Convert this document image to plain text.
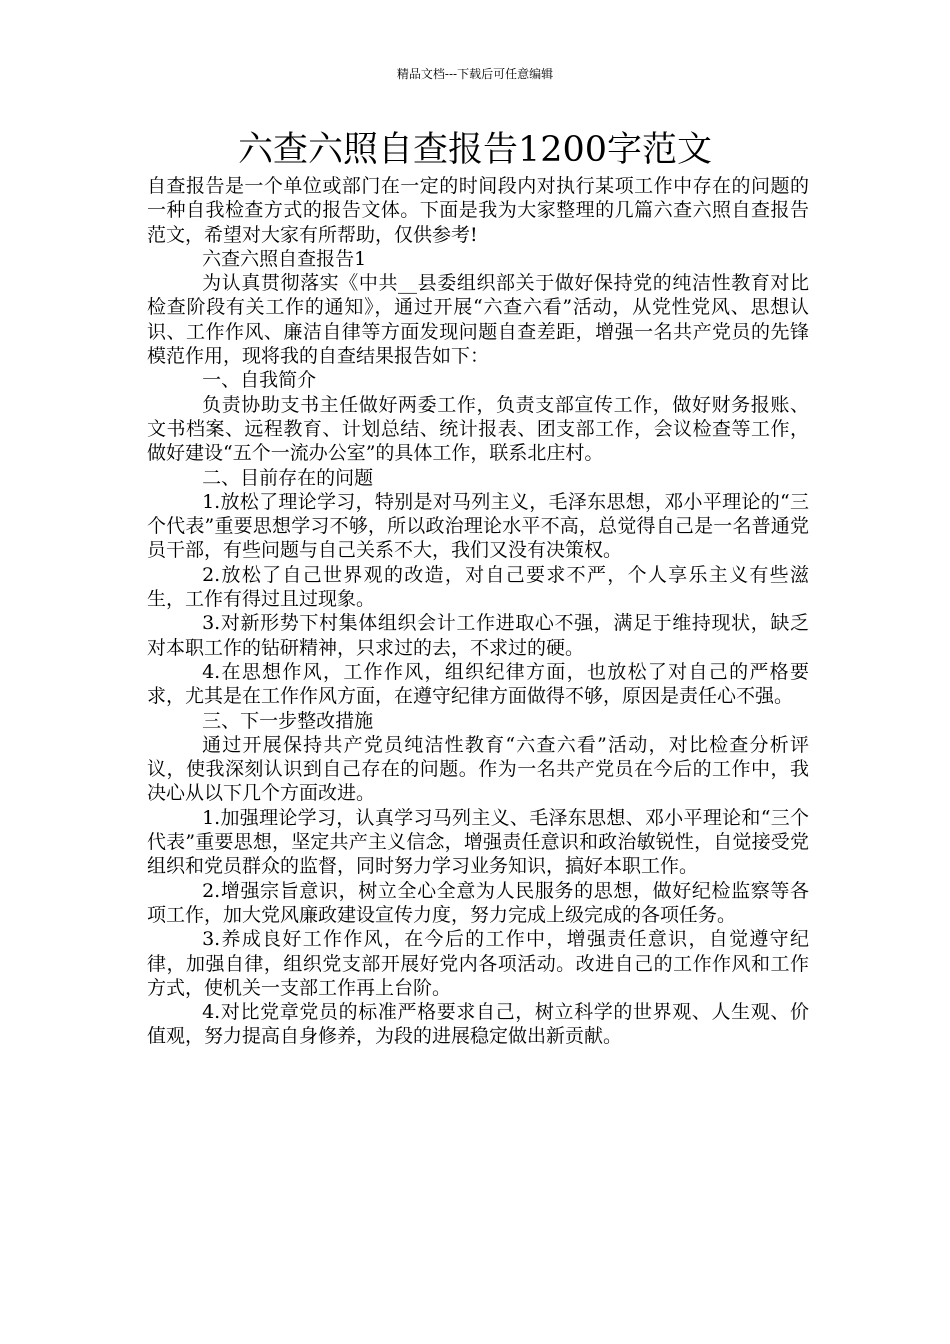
精品文档---下载后可任意编辑
六查六照自查报告1200字范文

自查报告是一个单位或部门在一定的时间段内对执行某项工作中存在的问题的一种自我检查方式的报告文体。下面是我为大家整理的几篇六查六照自查报告范文，希望对大家有所帮助，仅供参考!

六查六照自查报告1

为认真贯彻落实《中共__县委组织部关于做好保持党的纯洁性教育对比检查阶段有关工作的通知》，通过开展“六查六看”活动，从党性党风、思想认识、工作作风、廉洁自律等方面发现问题自查差距，增强一名共产党员的先锋模范作用，现将我的自查结果报告如下：

一、自我简介

负责协助支书主任做好两委工作，负责支部宣传工作，做好财务报账、文书档案、远程教育、计划总结、统计报表、团支部工作，会议检查等工作，做好建设“五个一流办公室”的具体工作，联系北庄村。

二、目前存在的问题

1.放松了理论学习，特别是对马列主义，毛泽东思想，邓小平理论的“三个代表”重要思想学习不够，所以政治理论水平不高，总觉得自己是一名普通党员干部，有些问题与自己关系不大，我们又没有决策权。

2.放松了自己世界观的改造，对自己要求不严，个人享乐主义有些滋生，工作有得过且过现象。

3.对新形势下村集体组织会计工作进取心不强，满足于维持现状，缺乏对本职工作的钻研精神，只求过的去，不求过的硬。

4.在思想作风，工作作风，组织纪律方面，也放松了对自己的严格要求，尤其是在工作作风方面，在遵守纪律方面做得不够，原因是责任心不强。

三、下一步整改措施

通过开展保持共产党员纯洁性教育“六查六看”活动，对比检查分析评议，使我深刻认识到自己存在的问题。作为一名共产党员在今后的工作中，我决心从以下几个方面改进。

1.加强理论学习，认真学习马列主义、毛泽东思想、邓小平理论和“三个代表”重要思想，坚定共产主义信念，增强责任意识和政治敏锐性，自觉接受党组织和党员群众的监督，同时努力学习业务知识，搞好本职工作。

2.增强宗旨意识，树立全心全意为人民服务的思想，做好纪检监察等各项工作，加大党风廉政建设宣传力度，努力完成上级完成的各项任务。

3.养成良好工作作风，在今后的工作中，增强责任意识，自觉遵守纪律，加强自律，组织党支部开展好党内各项活动。改进自己的工作作风和工作方式，使机关一支部工作再上台阶。

4.对比党章党员的标准严格要求自己，树立科学的世界观、人生观、价值观，努力提高自身修养，为段的进展稳定做出新贡献。
